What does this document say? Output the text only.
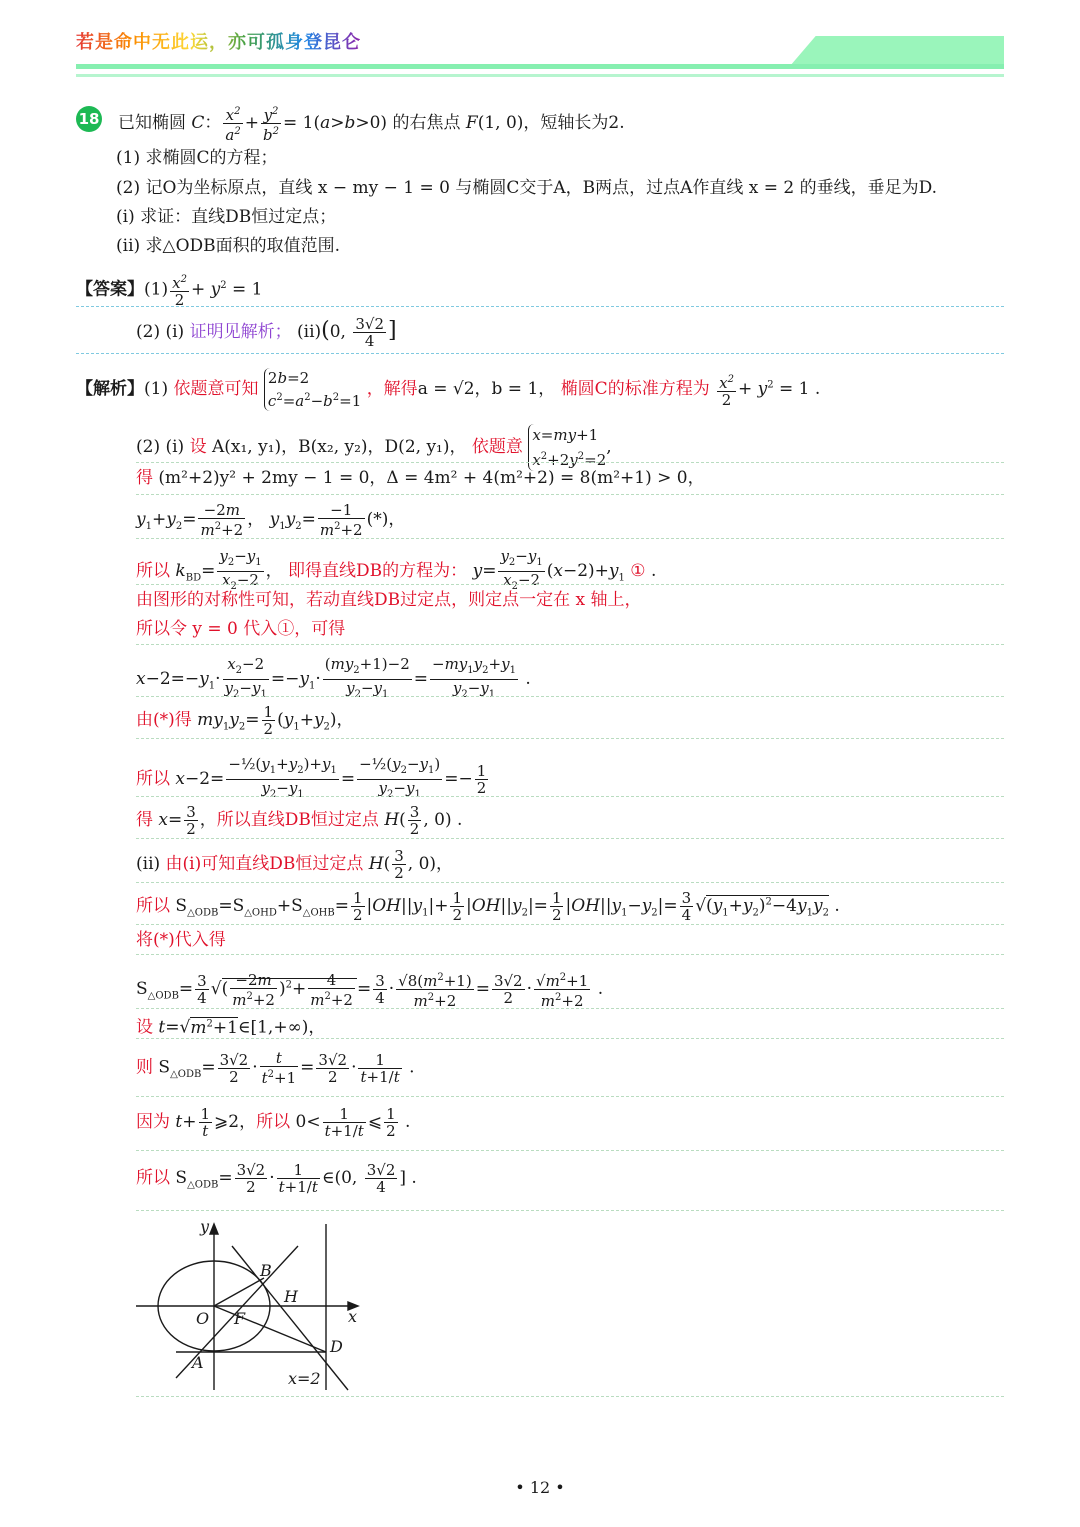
若是命中无此运，亦可孤身登昆仑
18 已知椭圆 C： $\frac{x^2}{a^2} + \frac{y^2}{b^2} = 1(a>b>0)$ 的右焦点 F(1, 0)，短轴长为2.
(1) 求椭圆C的方程；
(2) 记O为坐标原点，直线 x − my − 1 = 0 与椭圆C交于A，B两点，过点A作直线 x = 2 的垂线，垂足为D.
(i) 求证：直线DB恒过定点；
(ii) 求△ODB面积的取值范围.
【答案】$(1) \frac{x^2}{2} + y^2 = 1$
(2) (i) 证明见解析； (ii)(0, $\frac{3√2}{4}$ ]
【解析】(1) 依题意可知 2b=2
$c^2=a^2-b^2=1$ ，解得a = √2，b = 1， 椭圆C的标准方程为 $\frac{x^2}{2} + y^2 = 1$ .
(2) (i) 设 A(x₁, y₁)，B(x₂, y₂)，D(2, y₁)， 依题意 x=my+1
$x^2+2y^2=2$,
得 (m²+2)y² + 2my − 1 = 0，Δ = 4m² + 4(m²+2) = 8(m²+1) > 0，
$y_1+y_2= \frac{-2m}{m^2+2}$ ， $y_1y_2= \frac{-1}{m^2+2}$ (*)，
所以 $k_{BD}= \frac{y_2-y_1}{x_2-2}$ ， 即得直线DB的方程为： $y= \frac{y_2-y_1}{x_2-2} (x-2)+y_1$ ① .
由图形的对称性可知，若动直线DB过定点，则定点一定在 x 轴上，
所以令 y = 0 代入①，可得
$x-2=-y_1\cdot \frac{x_2-2}{y_2-y_1} =-y_1\cdot \frac{(my_2+1)-2}{y_2-y_1} = \frac{-my_1y_2+y_1}{y_2-y_1}$ .
由(*)得 $my_1y_2= \frac{1}{2} (y_1+y_2)$，
所以 $x-2= \frac{-\frac{1}{2}(y_1+y_2)+y_1}{y_2-y_1} = \frac{-\frac{1}{2}(y_2-y_1)}{y_2-y_1} =- \frac{1}{2}$
得 $x= \frac{3}{2}$ ，所以直线DB恒过定点 $H( \frac{3}{2}$ , 0) .
(ii) 由(i)可知直线DB恒过定点 $H( \frac{3}{2}$ , 0)，
所以 $S_{\triangle ODB}=S_{\triangle OHD}+S_{\triangle OHB}= \frac{1}{2} |OH||y_1|+ \frac{1}{2} |OH||y_2|= \frac{1}{2} |OH||y_1-y_2|= \frac{3}{4} √(y_1+y_2)^2-4y_1y_2$ .
将(*)代入得
$S_{\triangle ODB}= \frac{3}{4}$ √( $\frac{-2m}{m^2+2} )^2+ \frac{4}{m^2+2} = \frac{3}{4} \cdot \frac{√8(m^2+1)}{m^2+2} = \frac{3√2}{2} \cdot \frac{√m^2+1}{m^2+2}$ .
设 $t=√m^2+1\in[1,+\infty)$，
则 $S_{\triangle ODB}= \frac{3√2}{2} \cdot \frac{t}{t^2+1} = \frac{3√2}{2} \cdot \frac{1}{t+1/t}$ .
因为 $t+ \frac{1}{t}$ ⩾2，所以 $0< \frac{1}{t+1/t}$ ⩽ $\frac{1}{2}$ .
所以 $S_{\triangle ODB}= \frac{3√2}{2} \cdot \frac{1}{t+1/t}$ ∈(0, $\frac{3√2}{4}$ ] .
y
x
O F
B
H
A
D
x=2
• 12 •
